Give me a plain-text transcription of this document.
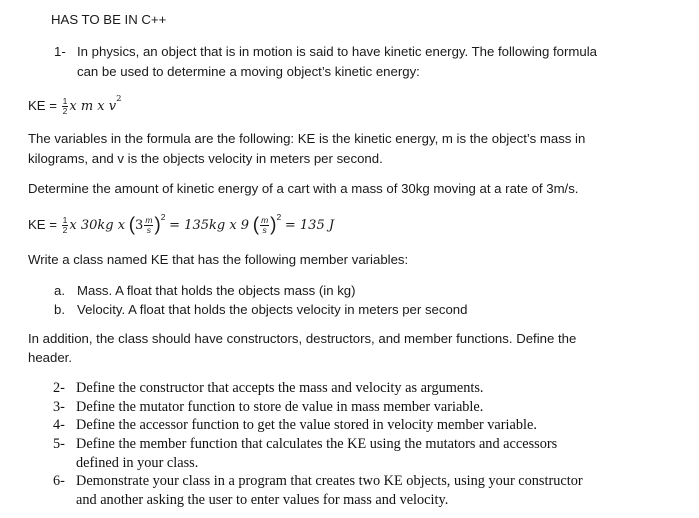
HAS TO BE IN C++
1- In physics, an object that is in motion is said to have kinetic energy. The following formula
can be used to determine a moving object’s kinetic energy:
KE = $\frac{1}{2}$ x m x $v^2$
The variables in the formula are the following: KE is the kinetic energy, m is the object’s mass in
kilograms, and v is the objects velocity in meters per second.
Determine the amount of kinetic energy of a cart with a mass of 30kg moving at a rate of 3m/s.
KE = $\frac{1}{2}$ x 30kg x $(3 \frac{m}{s} )^2 = 135kg$ x 9 ( $\frac{m}{s} )^2 = 135$ J
Write a class named KE that has the following member variables:
a. Mass. A float that holds the objects mass (in kg)
b. Velocity. A float that holds the objects velocity in meters per second
In addition, the class should have constructors, destructors, and member functions. Define the
header.
2- Define the constructor that accepts the mass and velocity as arguments.
3- Define the mutator function to store de value in mass member variable.
4- Define the accessor function to get the value stored in velocity member variable.
5- Define the member function that calculates the KE using the mutators and accessors
defined in your class.
6- Demonstrate your class in a program that creates two KE objects, using your constructor
and another asking the user to enter values for mass and velocity.
